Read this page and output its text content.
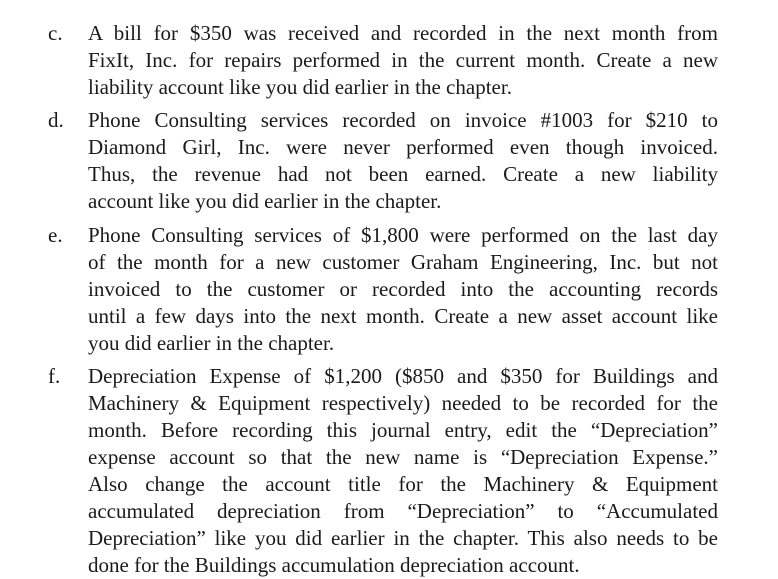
c. A bill for $350 was received and recorded in the next month from
FixIt, Inc. for repairs performed in the current month. Create a new
liability account like you did earlier in the chapter.
d. Phone Consulting services recorded on invoice #1003 for $210 to
Diamond Girl, Inc. were never performed even though invoiced.
Thus, the revenue had not been earned. Create a new liability
account like you did earlier in the chapter.
e. Phone Consulting services of $1,800 were performed on the last day
of the month for a new customer Graham Engineering, Inc. but not
invoiced to the customer or recorded into the accounting records
until a few days into the next month. Create a new asset account like
you did earlier in the chapter.
f. Depreciation Expense of $1,200 ($850 and $350 for Buildings and
Machinery & Equipment respectively) needed to be recorded for the
month. Before recording this journal entry, edit the “Depreciation”
expense account so that the new name is “Depreciation Expense.”
Also change the account title for the Machinery & Equipment
accumulated depreciation from “Depreciation” to “Accumulated
Depreciation” like you did earlier in the chapter. This also needs to be
done for the Buildings accumulation depreciation account.
